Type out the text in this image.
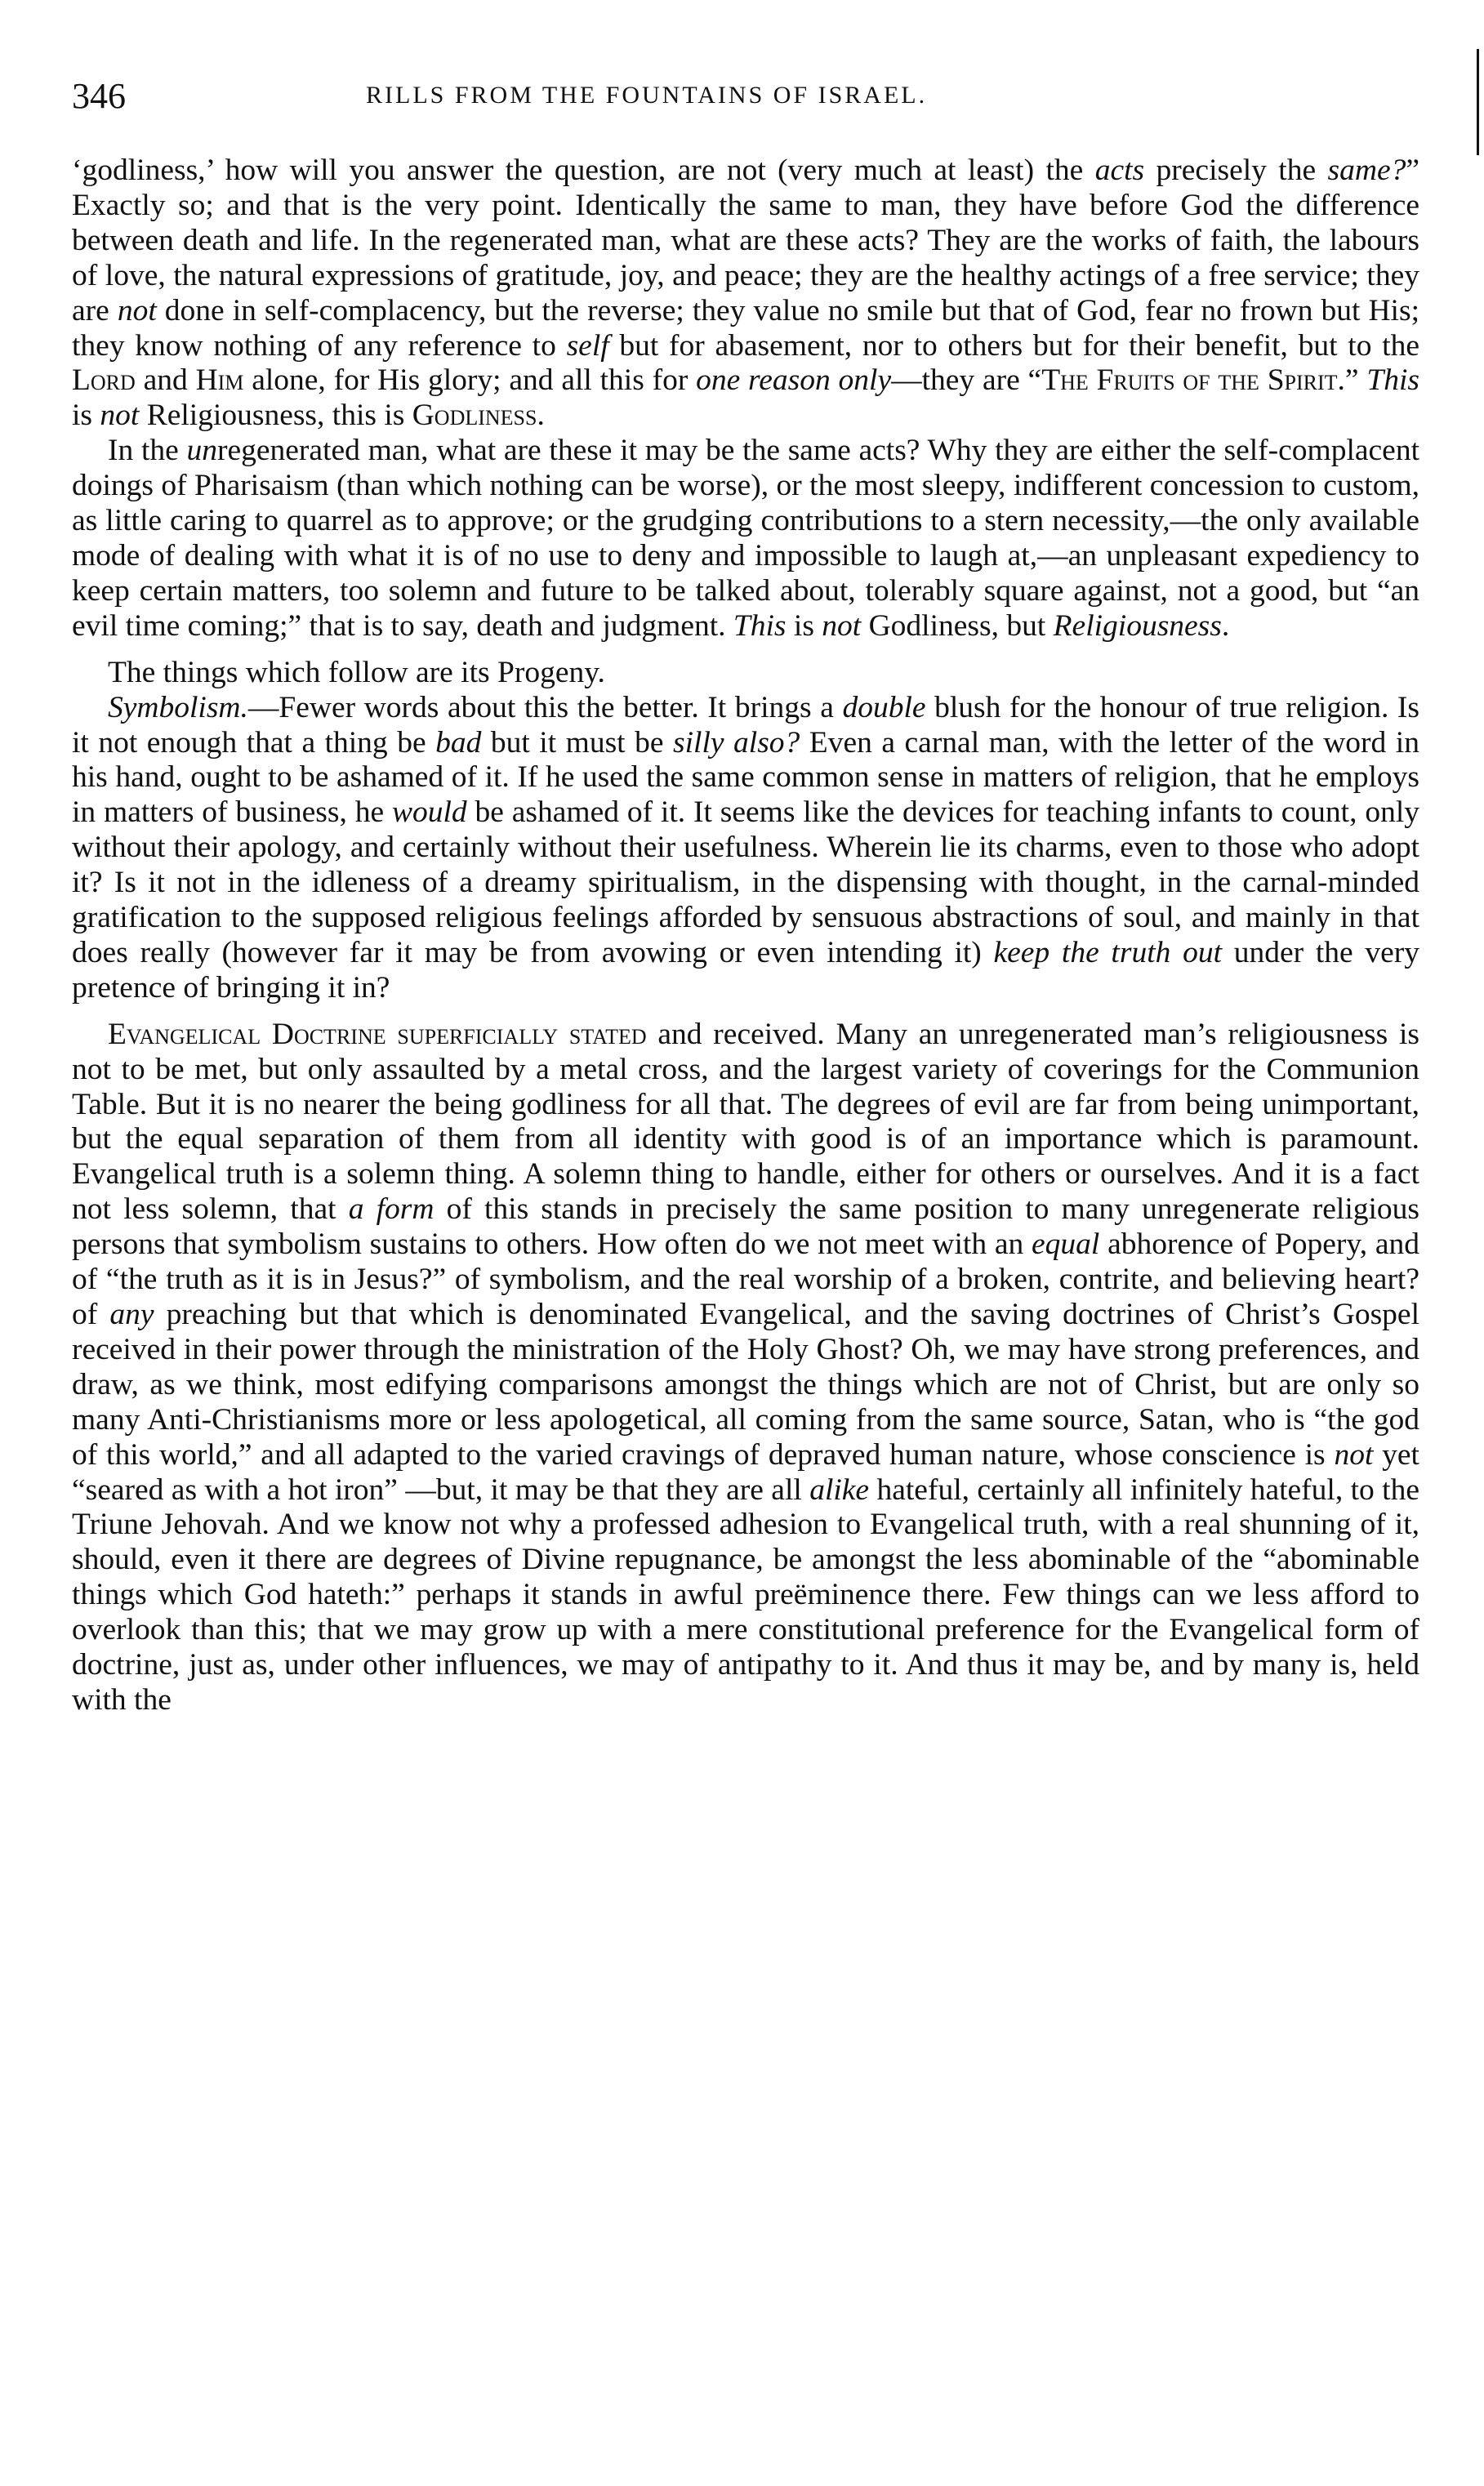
346	RILLS FROM THE FOUNTAINS OF ISRAEL.

‘godliness,’ how will you answer the question, are not (very much at least) the acts precisely the same?” Exactly so; and that is the very point. Identically the same to man, they have before God the difference between death and life. In the regenerated man, what are these acts? They are the works of faith, the labours of love, the natural expressions of gratitude, joy, and peace; they are the healthy actings of a free service; they are not done in self-complacency, but the reverse; they value no smile but that of God, fear no frown but His; they know nothing of any reference to self but for abasement, nor to others but for their benefit, but to the Lord and Him alone, for His glory; and all this for one reason only—they are “The Fruits of the Spirit.” This is not Religiousness, this is Godliness.

In the unregenerated man, what are these it may be the same acts? Why they are either the self-complacent doings of Pharisaism (than which nothing can be worse), or the most sleepy, indifferent concession to custom, as little caring to quarrel as to approve; or the grudging contributions to a stern necessity,—the only available mode of dealing with what it is of no use to deny and impossible to laugh at,—an unpleasant expediency to keep certain matters, too solemn and future to be talked about, tolerably square against, not a good, but “an evil time coming;” that is to say, death and judgment. This is not Godliness, but Religiousness.

The things which follow are its Progeny.

Symbolism.—Fewer words about this the better. It brings a double blush for the honour of true religion. Is it not enough that a thing be bad but it must be silly also? Even a carnal man, with the letter of the word in his hand, ought to be ashamed of it. If he used the same common sense in matters of religion, that he employs in matters of business, he would be ashamed of it. It seems like the devices for teaching infants to count, only without their apology, and certainly without their usefulness. Wherein lie its charms, even to those who adopt it? Is it not in the idleness of a dreamy spiritualism, in the dispensing with thought, in the carnal-minded gratification to the supposed religious feelings afforded by sensuous abstractions of soul, and mainly in that does really (however far it may be from avowing or even intending it) keep the truth out under the very pretence of bringing it in?

Evangelical Doctrine superficially stated and received. Many an unregenerated man’s religiousness is not to be met, but only assaulted by a metal cross, and the largest variety of coverings for the Communion Table. But it is no nearer the being godliness for all that. The degrees of evil are far from being unimportant, but the equal separation of them from all identity with good is of an importance which is paramount. Evangelical truth is a solemn thing. A solemn thing to handle, either for others or ourselves. And it is a fact not less solemn, that a form of this stands in precisely the same position to many unregenerate religious persons that symbolism sustains to others. How often do we not meet with an equal abhorence of Popery, and of “the truth as it is in Jesus?” of symbolism, and the real worship of a broken, contrite, and believing heart? of any preaching but that which is denominated Evangelical, and the saving doctrines of Christ’s Gospel received in their power through the ministration of the Holy Ghost? Oh, we may have strong preferences, and draw, as we think, most edifying comparisons amongst the things which are not of Christ, but are only so many Anti-Christianisms more or less apologetical, all coming from the same source, Satan, who is “the god of this world,” and all adapted to the varied cravings of depraved human nature, whose conscience is not yet “seared as with a hot iron” —but, it may be that they are all alike hateful, certainly all infinitely hateful, to the Triune Jehovah. And we know not why a professed adhesion to Evangelical truth, with a real shunning of it, should, even it there are degrees of Divine repugnance, be amongst the less abominable of the “abominable things which God hateth:” perhaps it stands in awful preëminence there. Few things can we less afford to overlook than this; that we may grow up with a mere constitutional preference for the Evangelical form of doctrine, just as, under other influences, we may of antipathy to it. And thus it may be, and by many is, held with the
